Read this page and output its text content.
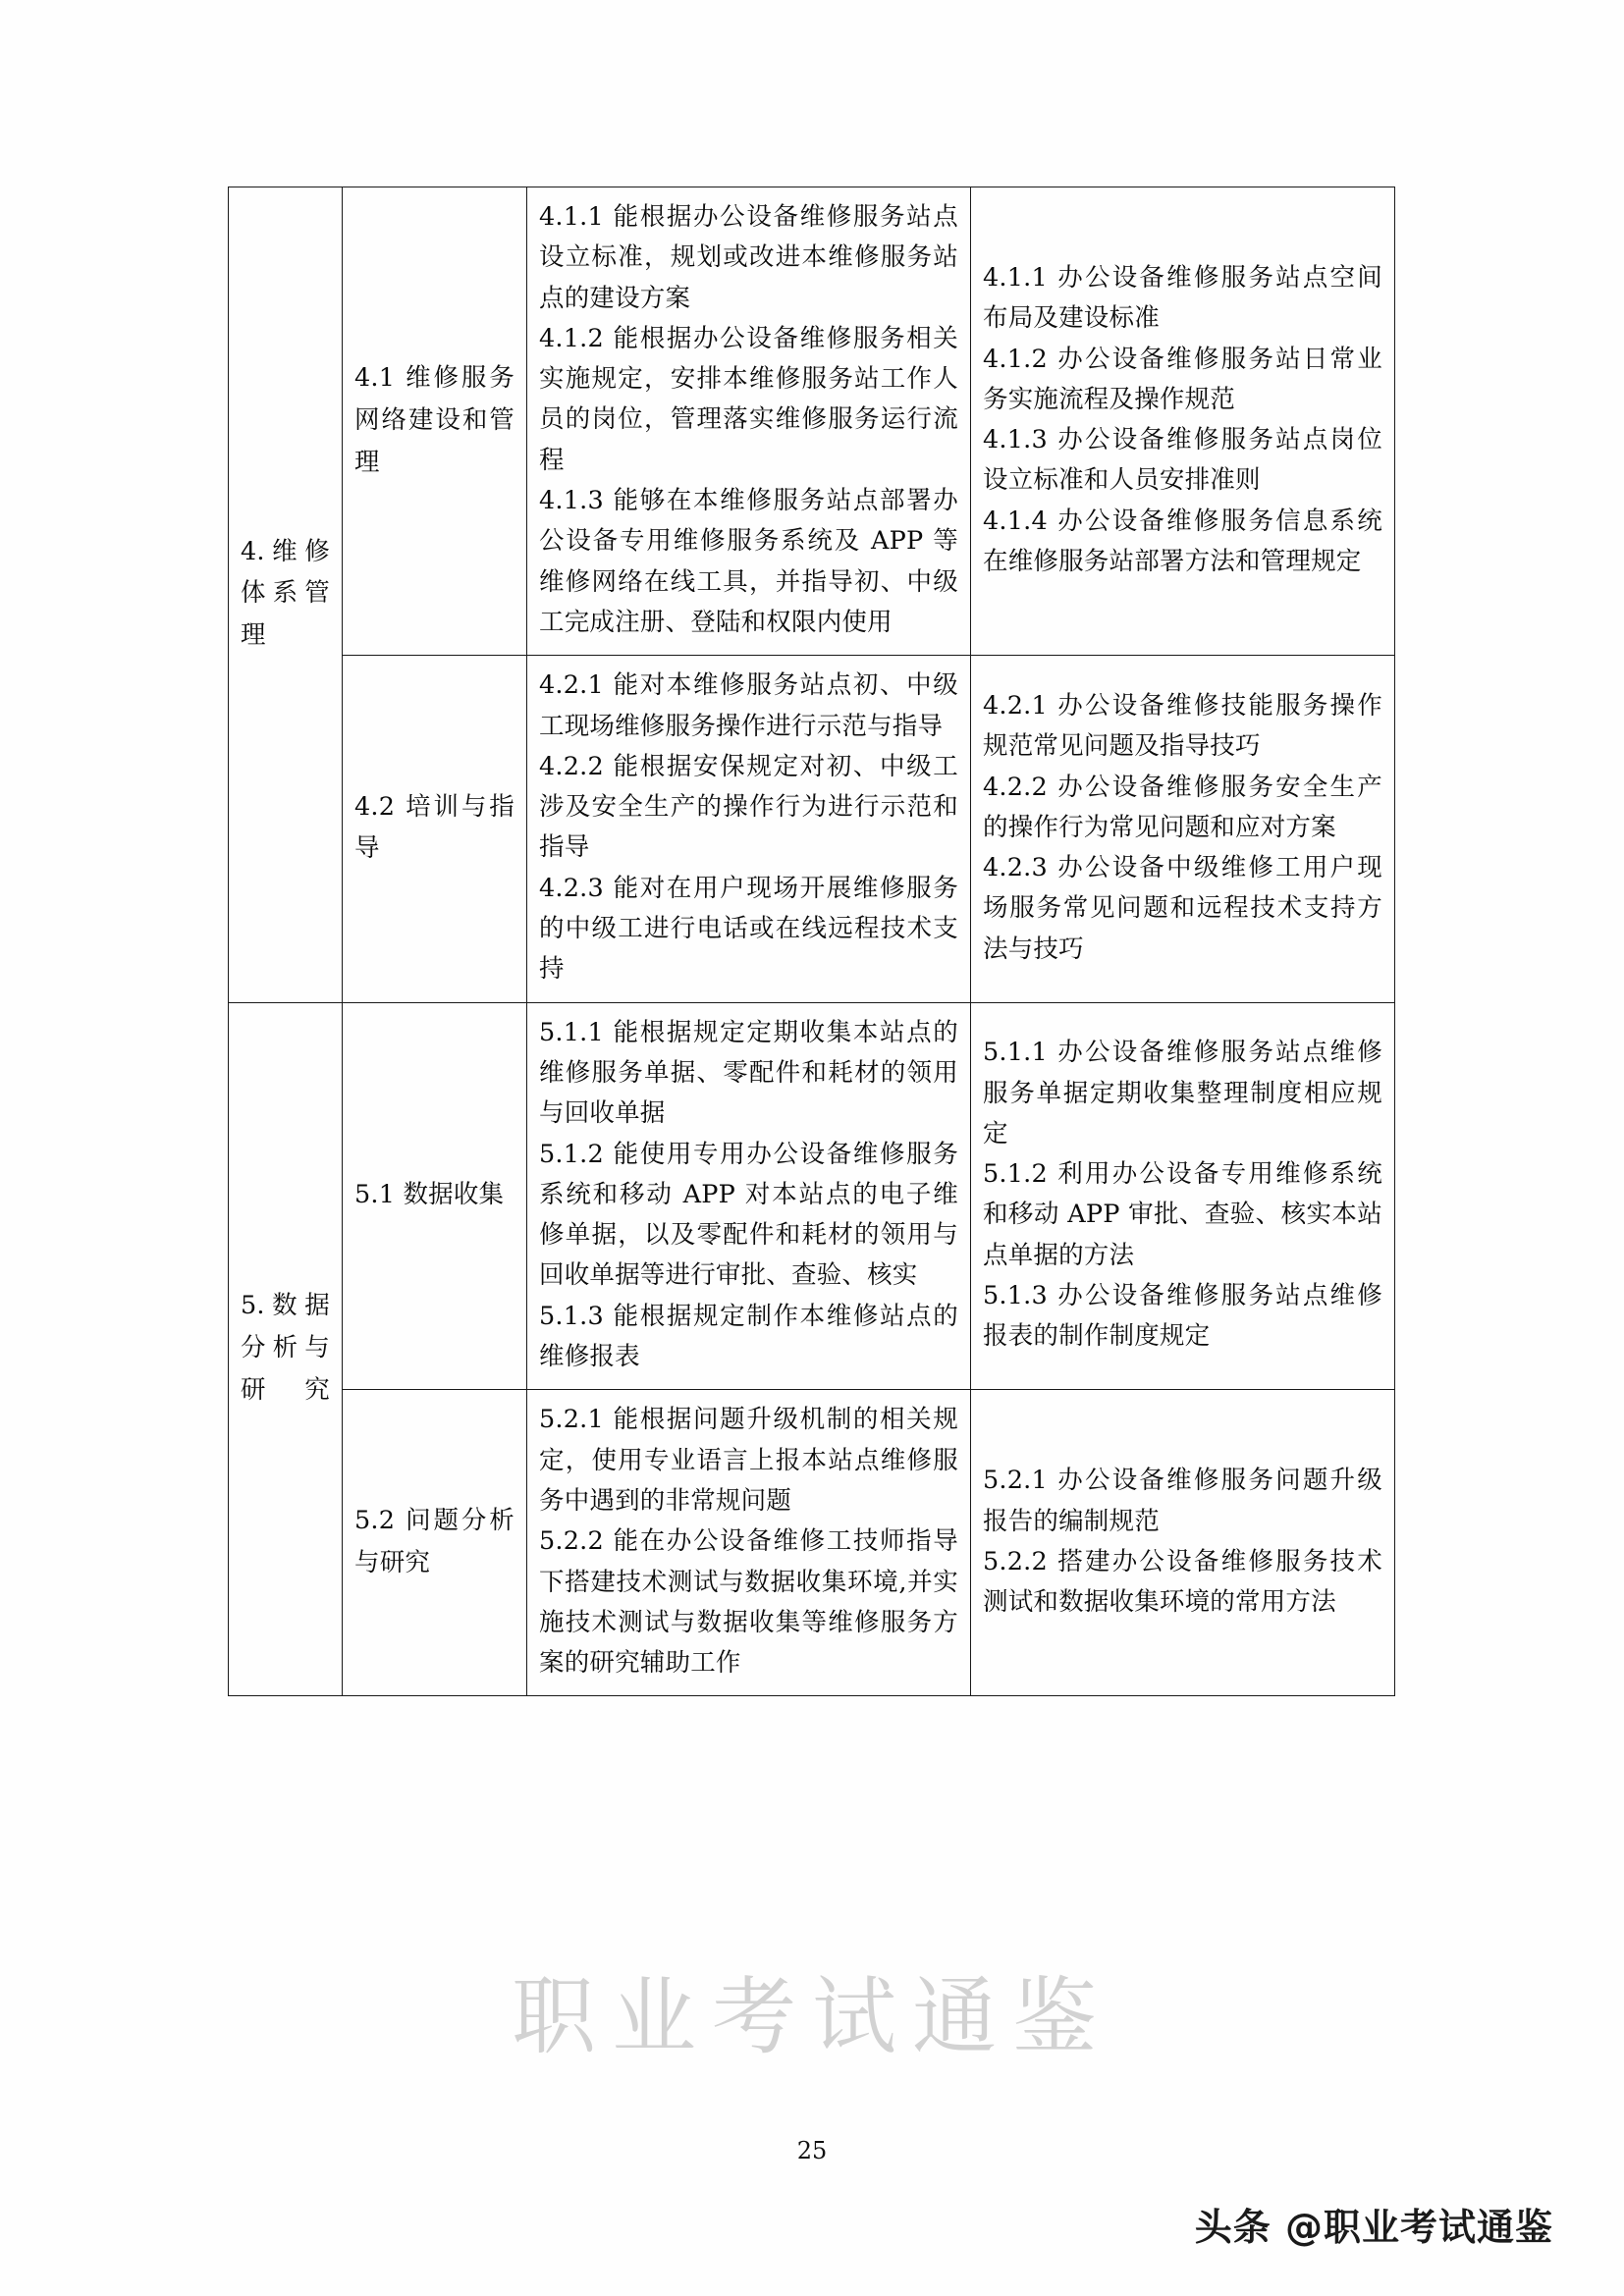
4.维修体系管理	4.1 维修服务网络建设和管理	4.1.1 能根据办公设备维修服务站点设立标准，规划或改进本维修服务站点的建设方案
4.1.2 能根据办公设备维修服务相关实施规定，安排本维修服务站工作人员的岗位，管理落实维修服务运行流程
4.1.3 能够在本维修服务站点部署办公设备专用维修服务系统及 APP 等维修网络在线工具，并指导初、中级工完成注册、登陆和权限内使用	4.1.1 办公设备维修服务站点空间布局及建设标准
4.1.2 办公设备维修服务站日常业务实施流程及操作规范
4.1.3 办公设备维修服务站点岗位设立标准和人员安排准则
4.1.4 办公设备维修服务信息系统在维修服务站部署方法和管理规定

	4.2 培训与指导	4.2.1 能对本维修服务站点初、中级工现场维修服务操作进行示范与指导
4.2.2 能根据安保规定对初、中级工涉及安全生产的操作行为进行示范和指导
4.2.3 能对在用户现场开展维修服务的中级工进行电话或在线远程技术支持	4.2.1 办公设备维修技能服务操作规范常见问题及指导技巧
4.2.2 办公设备维修服务安全生产的操作行为常见问题和应对方案
4.2.3 办公设备中级维修工用户现场服务常见问题和远程技术支持方法与技巧

5.数据分析与研究	5.1 数据收集	5.1.1 能根据规定定期收集本站点的维修服务单据、零配件和耗材的领用与回收单据
5.1.2 能使用专用办公设备维修服务系统和移动 APP 对本站点的电子维修单据，以及零配件和耗材的领用与回收单据等进行审批、查验、核实
5.1.3 能根据规定制作本维修站点的维修报表	5.1.1 办公设备维修服务站点维修服务单据定期收集整理制度相应规定
5.1.2 利用办公设备专用维修系统和移动 APP 审批、查验、核实本站点单据的方法
5.1.3 办公设备维修服务站点维修报表的制作制度规定

	5.2 问题分析与研究	5.2.1 能根据问题升级机制的相关规定，使用专业语言上报本站点维修服务中遇到的非常规问题
5.2.2 能在办公设备维修工技师指导下搭建技术测试与数据收集环境,并实施技术测试与数据收集等维修服务方案的研究辅助工作	5.2.1 办公设备维修服务问题升级报告的编制规范
5.2.2 搭建办公设备维修服务技术测试和数据收集环境的常用方法
职业考试通鉴
25
头条 @职业考试通鉴
